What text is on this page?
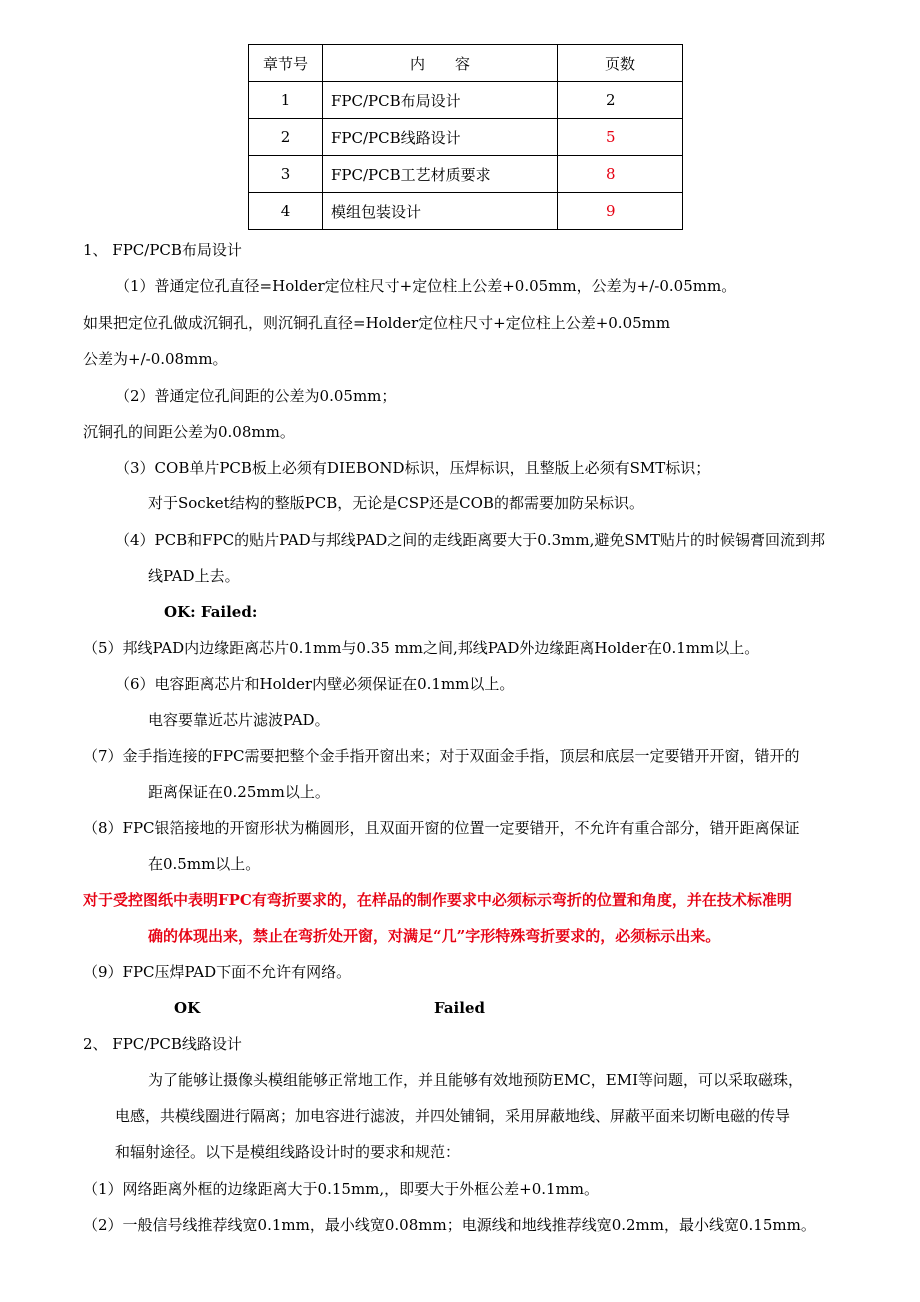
章节号	内　　容	页数
1	FPC/PCB布局设计	2
2	FPC/PCB线路设计	5
3	FPC/PCB工艺材质要求	8
4	模组包装设计	9
1、 FPC/PCB布局设计
（1）普通定位孔直径=Holder定位柱尺寸+定位柱上公差+0.05mm，公差为+/-0.05mm。
如果把定位孔做成沉铜孔，则沉铜孔直径=Holder定位柱尺寸+定位柱上公差+0.05mm
公差为+/-0.08mm。
（2）普通定位孔间距的公差为0.05mm；
沉铜孔的间距公差为0.08mm。
（3）COB单片PCB板上必须有DIEBOND标识，压焊标识，且整版上必须有SMT标识；
对于Socket结构的整版PCB，无论是CSP还是COB的都需要加防呆标识。
（4）PCB和FPC的贴片PAD与邦线PAD之间的走线距离要大于0.3mm,避免SMT贴片的时候锡膏回流到邦
线PAD上去。
OK: Failed:
（5）邦线PAD内边缘距离芯片0.1mm与0.35 mm之间,邦线PAD外边缘距离Holder在0.1mm以上。
（6）电容距离芯片和Holder内壁必须保证在0.1mm以上。
电容要靠近芯片滤波PAD。
（7）金手指连接的FPC需要把整个金手指开窗出来；对于双面金手指，顶层和底层一定要错开开窗，错开的
距离保证在0.25mm以上。
（8）FPC银箔接地的开窗形状为椭圆形，且双面开窗的位置一定要错开，不允许有重合部分，错开距离保证
在0.5mm以上。
对于受控图纸中表明FPC有弯折要求的，在样品的制作要求中必须标示弯折的位置和角度，并在技术标准明
确的体现出来，禁止在弯折处开窗，对满足“几”字形特殊弯折要求的，必须标示出来。
（9）FPC压焊PAD下面不允许有网络。
OK	Failed
2、 FPC/PCB线路设计
为了能够让摄像头模组能够正常地工作，并且能够有效地预防EMC，EMI等问题，可以采取磁珠，
电感，共模线圈进行隔离；加电容进行滤波，并四处铺铜，采用屏蔽地线、屏蔽平面来切断电磁的传导
和辐射途径。以下是模组线路设计时的要求和规范：
（1）网络距离外框的边缘距离大于0.15mm,，即要大于外框公差+0.1mm。
（2）一般信号线推荐线宽0.1mm，最小线宽0.08mm；电源线和地线推荐线宽0.2mm，最小线宽0.15mm。
